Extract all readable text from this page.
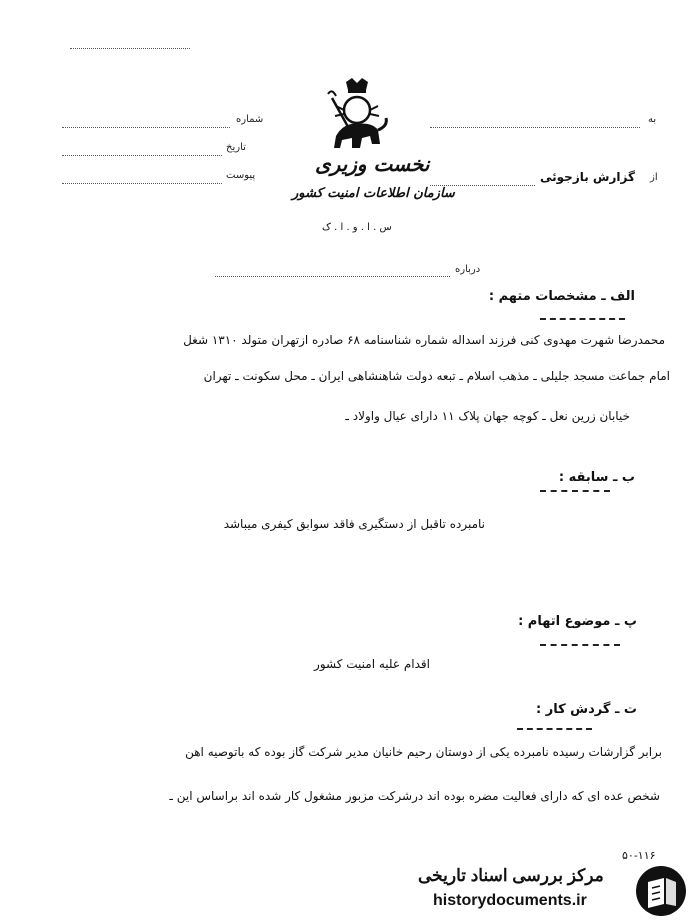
شماره
تاریخ
پیوست	نخست وزیری
سازمان اطلاعات امنیت کشور
س . ا . و . ا . ک
به
از
گزارش بازجوئی
درباره
الف ـ مشخصات متهم :
محمدرضا شهرت مهدوی کنی فرزند اسداله شماره شناسنامه ۶۸ صادره ازتهران متولد ۱۳۱۰ شغل
امام جماعت مسجد جلیلی ـ مذهب اسلام ـ تبعه دولت شاهنشاهی ایران ـ محل سکونت ـ تهران
خیابان زرین نعل ـ کوچه جهان پلاک ۱۱ دارای عیال واولاد ـ
ب ـ سابقه :
نامبرده تاقبل از دستگیری فاقد سوابق کیفری میباشد
پ ـ موضوع اتهام :
اقدام علیه امنیت کشور
ت ـ گردش کار :
برابر گزارشات رسیده نامبرده یکی از دوستان رحیم خانیان مدیر شرکت گاز بوده که باتوصیه اهن
شخص عده ای که دارای فعالیت مضره بوده اند درشرکت مزبور مشغول کار شده اند براساس این ـ
۵۰-۱۱۶
مرکز بررسی اسناد تاریخی
historydocuments.ir
